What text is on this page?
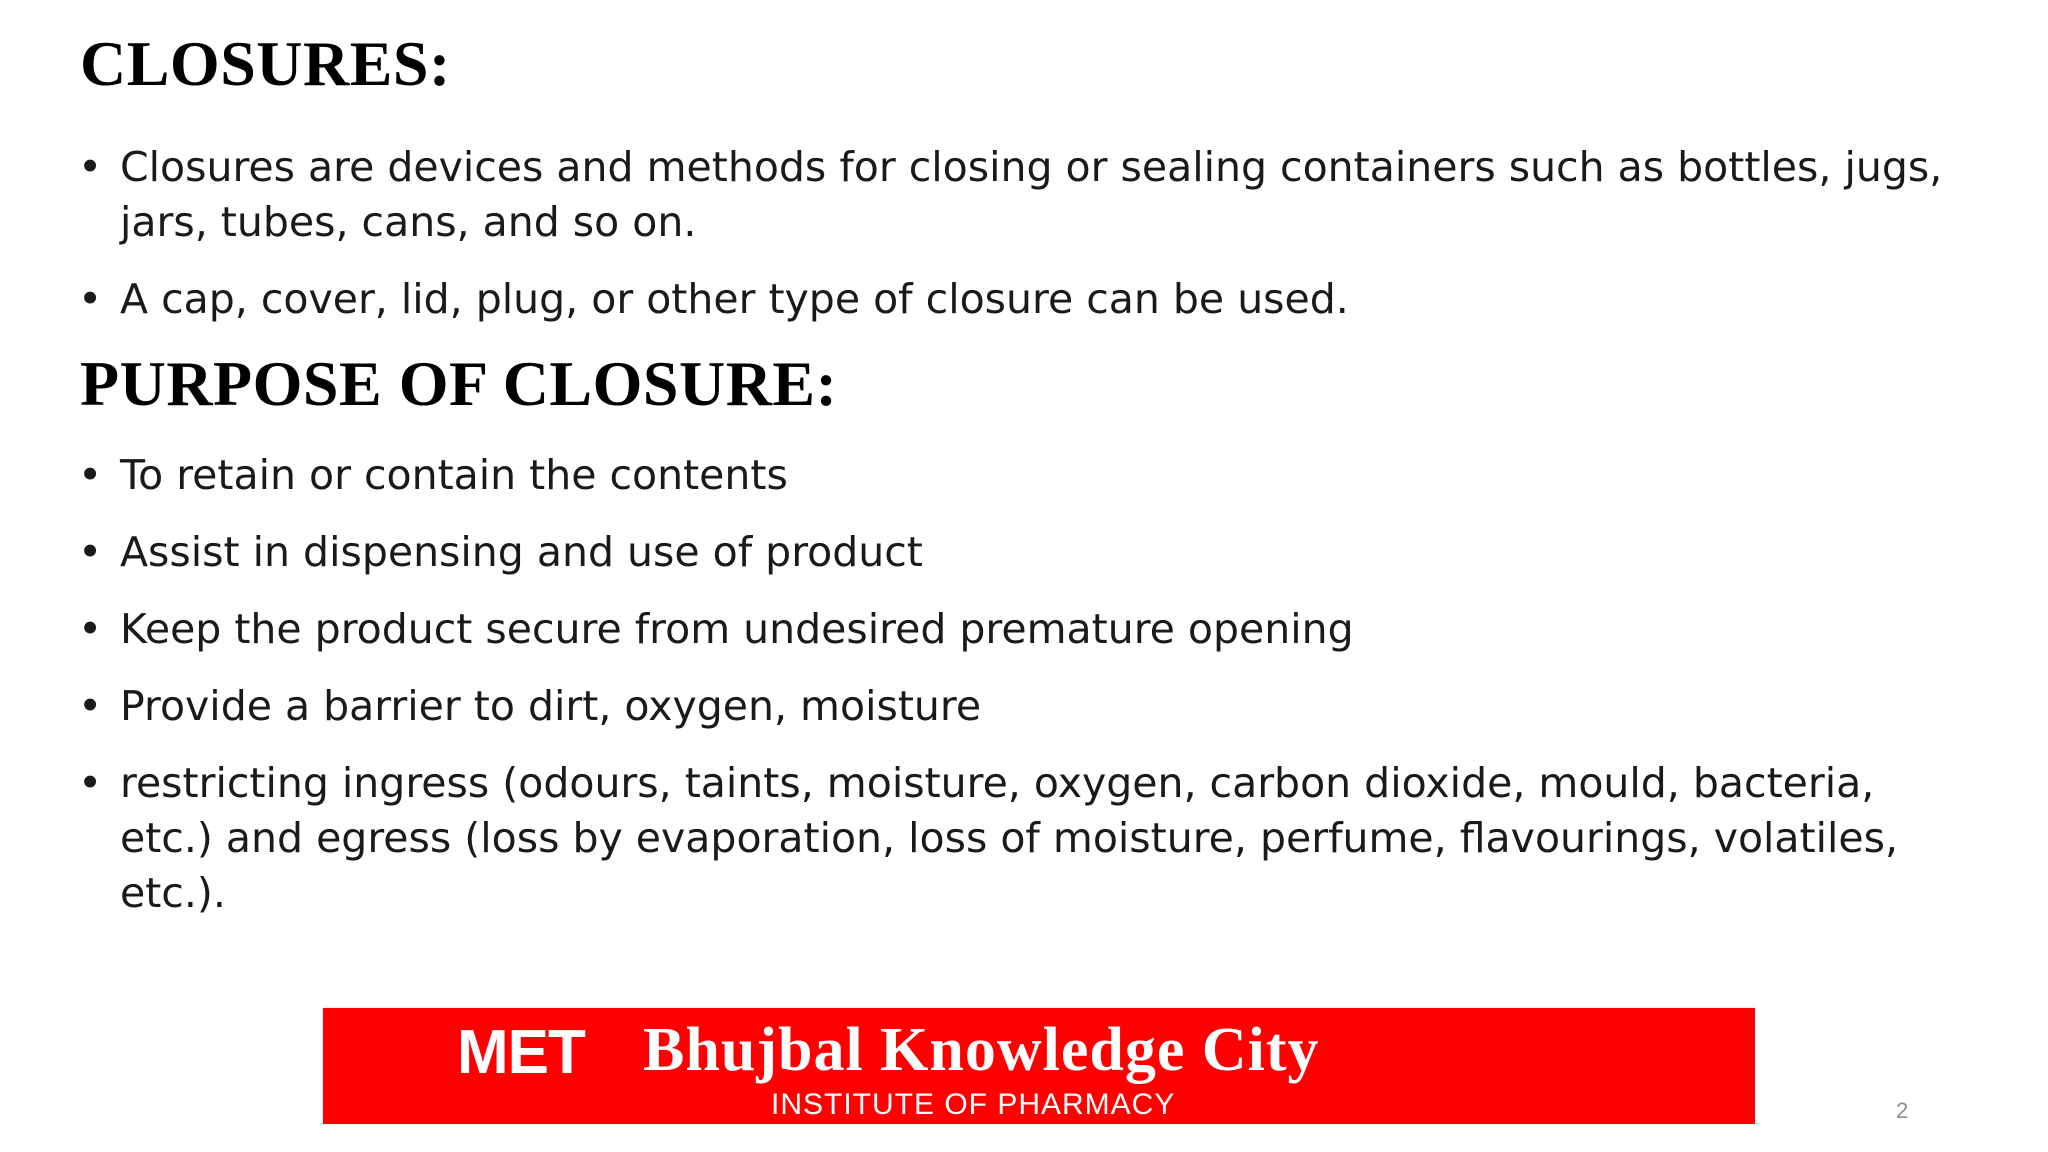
CLOSURES:
• Closures are devices and methods for closing or sealing containers such as bottles, jugs, jars, tubes, cans, and so on.
• A cap, cover, lid, plug, or other type of closure can be used.
PURPOSE OF CLOSURE:
• To retain or contain the contents
• Assist in dispensing and use of product
• Keep the product secure from undesired premature opening
• Provide a barrier to dirt, oxygen, moisture
• restricting ingress (odours, taints, moisture, oxygen, carbon dioxide, mould, bacteria, etc.) and egress (loss by evaporation, loss of moisture, perfume, flavourings, volatiles, etc.).
MET Bhujbal Knowledge City
INSTITUTE OF PHARMACY	2
